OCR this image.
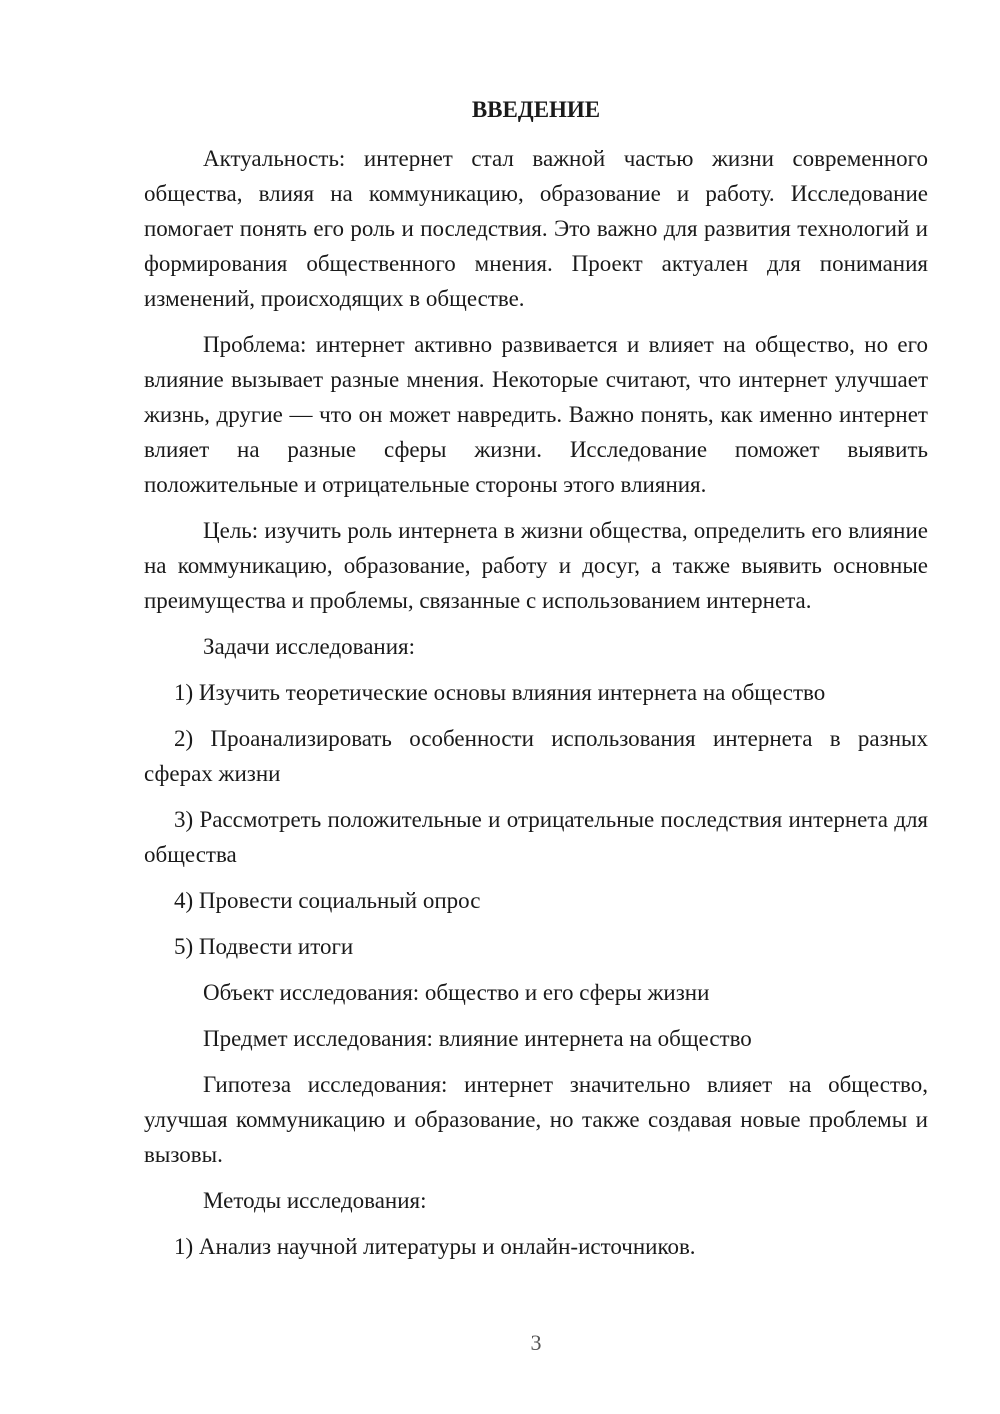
ВВЕДЕНИЕ

Актуальность: интернет стал важной частью жизни современного общества, влияя на коммуникацию, образование и работу. Исследование помогает понять его роль и последствия. Это важно для развития технологий и формирования общественного мнения. Проект актуален для понимания изменений, происходящих в обществе.

Проблема: интернет активно развивается и влияет на общество, но его влияние вызывает разные мнения. Некоторые считают, что интернет улучшает жизнь, другие — что он может навредить. Важно понять, как именно интернет влияет на разные сферы жизни. Исследование поможет выявить положительные и отрицательные стороны этого влияния.

Цель: изучить роль интернета в жизни общества, определить его влияние на коммуникацию, образование, работу и досуг, а также выявить основные преимущества и проблемы, связанные с использованием интернета.

Задачи исследования:

1) Изучить теоретические основы влияния интернета на общество

2) Проанализировать особенности использования интернета в разных сферах жизни

3) Рассмотреть положительные и отрицательные последствия интернета для общества

4) Провести социальный опрос

5) Подвести итоги

Объект исследования: общество и его сферы жизни

Предмет исследования: влияние интернета на общество

Гипотеза исследования: интернет значительно влияет на общество, улучшая коммуникацию и образование, но также создавая новые проблемы и вызовы.

Методы исследования:

1) Анализ научной литературы и онлайн-источников.

3
